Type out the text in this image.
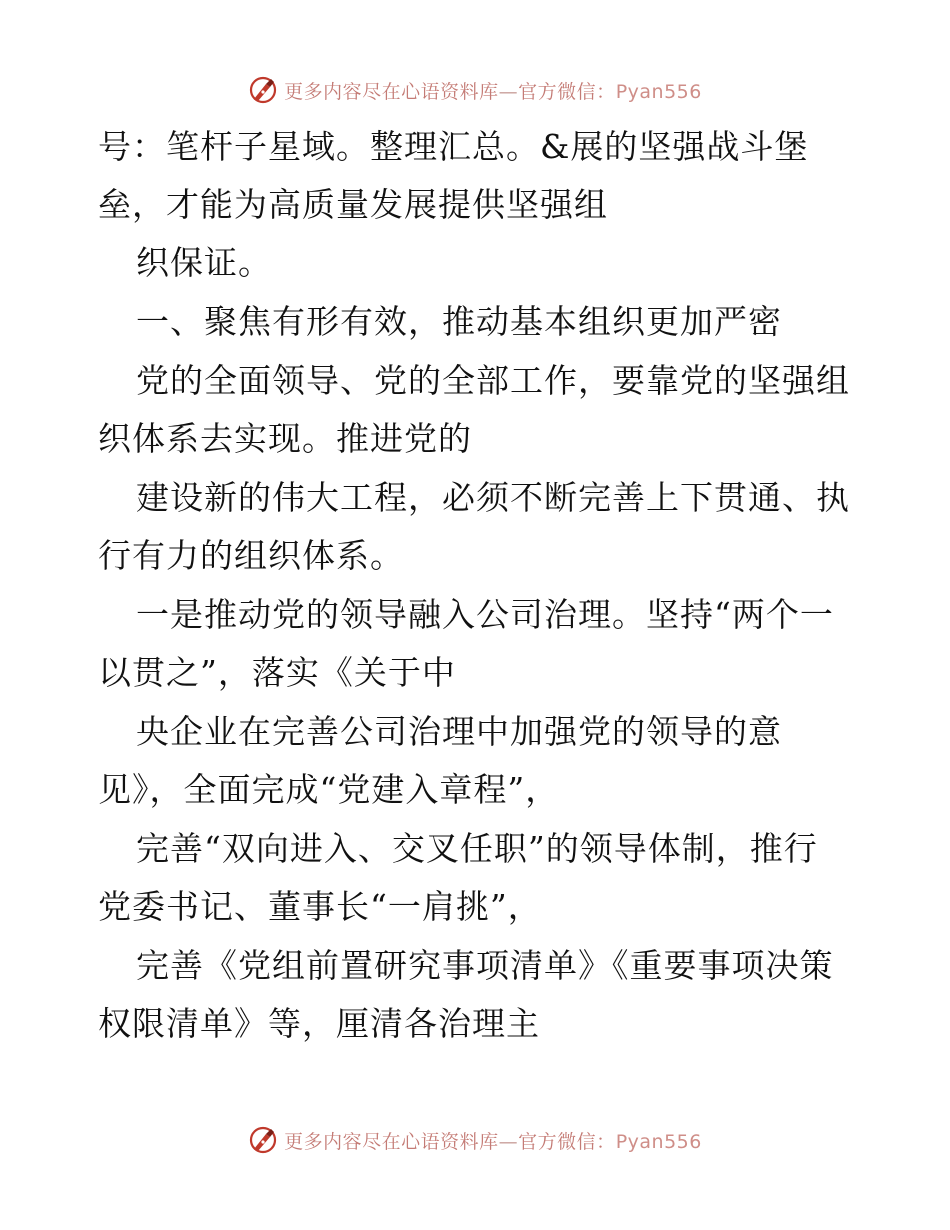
更多内容尽在心语资料库—官方微信：Pyan556
号：笔杆子星域。整理汇总。&展的坚强战斗堡
垒，才能为高质量发展提供坚强组
织保证。
一、聚焦有形有效，推动基本组织更加严密
党的全面领导、党的全部工作，要靠党的坚强组
织体系去实现。推进党的
建设新的伟大工程，必须不断完善上下贯通、执
行有力的组织体系。
一是推动党的领导融入公司治理。坚持“两个一
以贯之”，落实《关于中
央企业在完善公司治理中加强党的领导的意
见》，全面完成“党建入章程”，
完善“双向进入、交叉任职”的领导体制，推行
党委书记、董事长“一肩挑”，
完善《党组前置研究事项清单》《重要事项决策
权限清单》等，厘清各治理主
更多内容尽在心语资料库—官方微信：Pyan556
